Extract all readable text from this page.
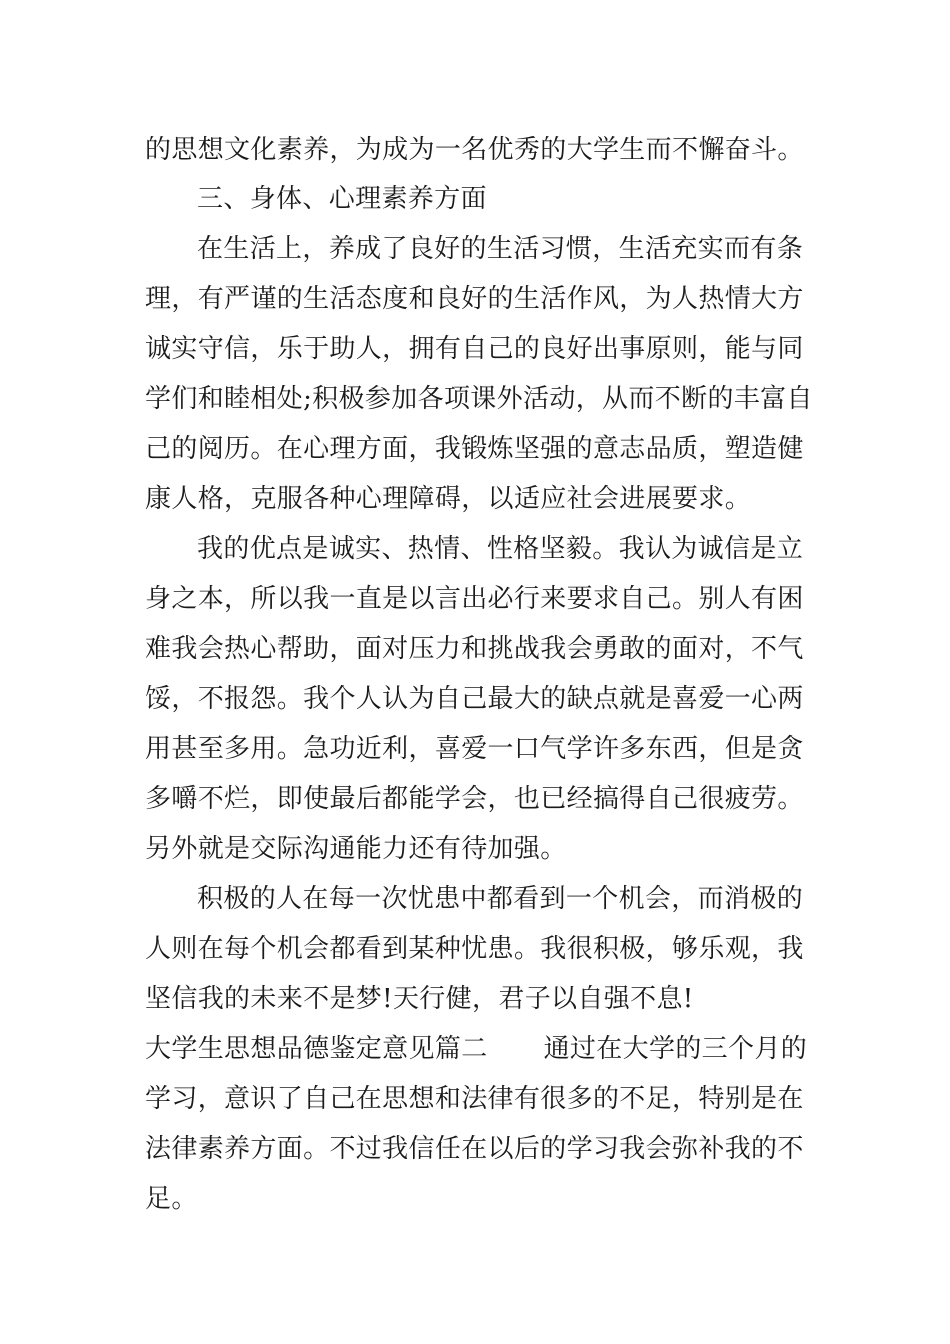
的思想文化素养，为成为一名优秀的大学生而不懈奋斗。
三、身体、心理素养方面
在生活上，养成了良好的生活习惯，生活充实而有条
理，有严谨的生活态度和良好的生活作风，为人热情大方
诚实守信，乐于助人，拥有自己的良好出事原则，能与同
学们和睦相处;积极参加各项课外活动，从而不断的丰富自
己的阅历。在心理方面，我锻炼坚强的意志品质，塑造健
康人格，克服各种心理障碍，以适应社会进展要求。
我的优点是诚实、热情、性格坚毅。我认为诚信是立
身之本，所以我一直是以言出必行来要求自己。别人有困
难我会热心帮助，面对压力和挑战我会勇敢的面对，不气
馁，不报怨。我个人认为自己最大的缺点就是喜爱一心两
用甚至多用。急功近利，喜爱一口气学许多东西，但是贪
多嚼不烂，即使最后都能学会，也已经搞得自己很疲劳。
另外就是交际沟通能力还有待加强。
积极的人在每一次忧患中都看到一个机会，而消极的
人则在每个机会都看到某种忧患。我很积极，够乐观，我
坚信我的未来不是梦!天行健，君子以自强不息!
大学生思想品德鉴定意见篇二 通过在大学的三个月的
学习，意识了自己在思想和法律有很多的不足，特别是在
法律素养方面。不过我信任在以后的学习我会弥补我的不
足。
